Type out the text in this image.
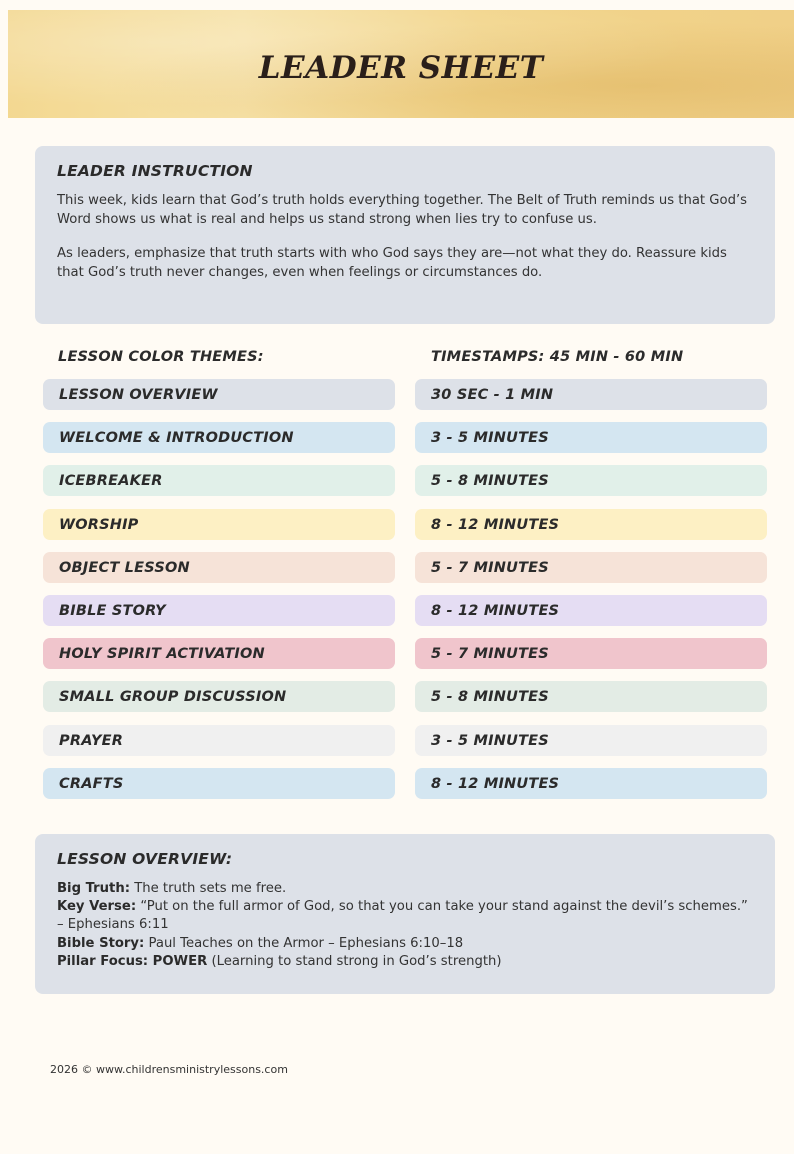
LEADER SHEET
LEADER INSTRUCTION

This week, kids learn that God’s truth holds everything together. The Belt of Truth reminds us that God’s Word shows us what is real and helps us stand strong when lies try to confuse us.

As leaders, emphasize that truth starts with who God says they are—not what they do. Reassure kids that God’s truth never changes, even when feelings or circumstances do.

LESSON COLOR THEMES:	TIMESTAMPS: 45 MIN - 60 MIN
LESSON OVERVIEW	30 SEC - 1 MIN
WELCOME & INTRODUCTION	3 - 5 MINUTES
ICEBREAKER	5 - 8 MINUTES
WORSHIP	8 - 12 MINUTES
OBJECT LESSON	5 - 7 MINUTES
BIBLE STORY	8 - 12 MINUTES
HOLY SPIRIT ACTIVATION	5 - 7 MINUTES
SMALL GROUP DISCUSSION	5 - 8 MINUTES
PRAYER	3 - 5 MINUTES
CRAFTS	8 - 12 MINUTES
LESSON OVERVIEW:
Big Truth: The truth sets me free.
Key Verse: “Put on the full armor of God, so that you can take your stand against the devil’s schemes.”
– Ephesians 6:11
Bible Story: Paul Teaches on the Armor – Ephesians 6:10–18
Pillar Focus: POWER (Learning to stand strong in God’s strength)
2026 © www.childrensministrylessons.com
